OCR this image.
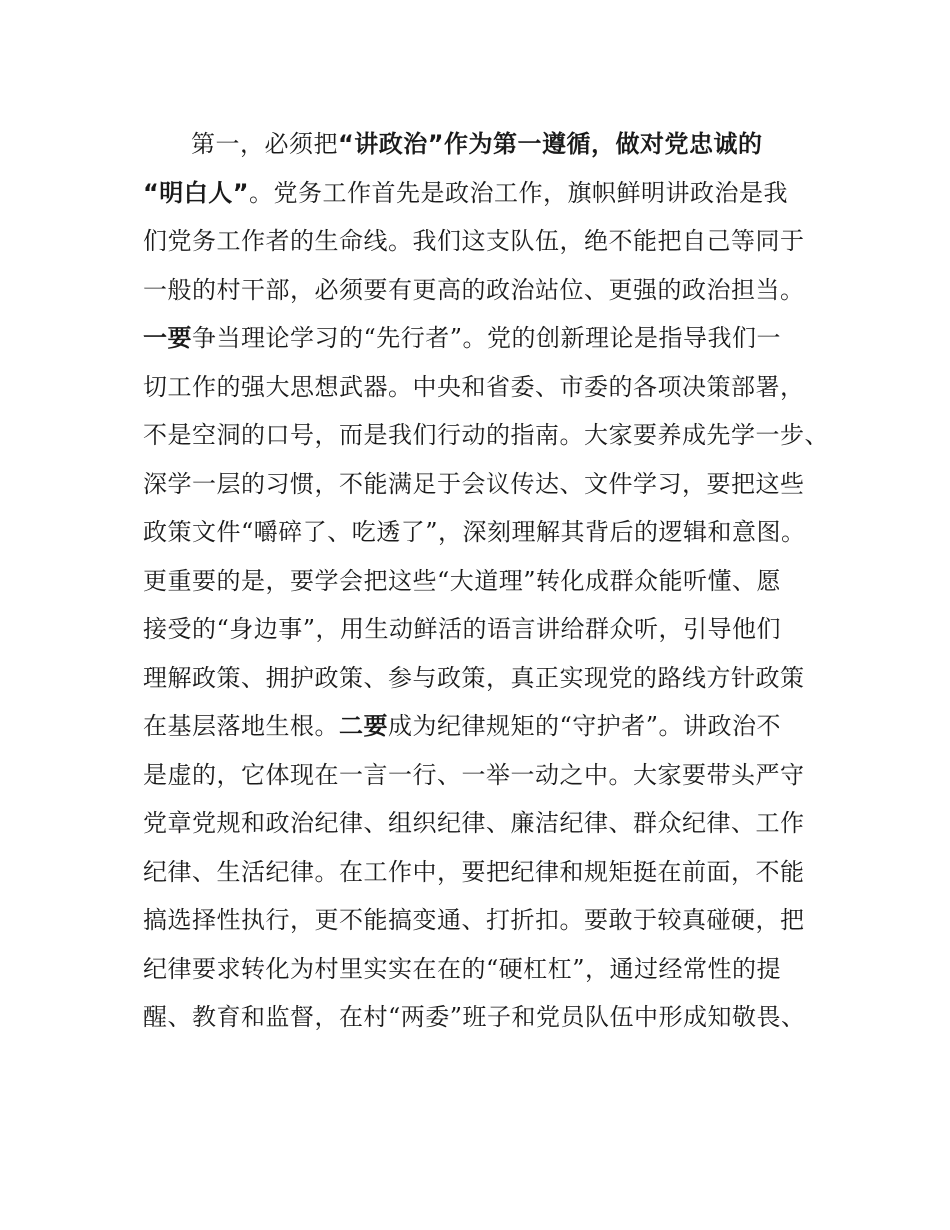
第一，必须把“讲政治”作为第一遵循，做对党忠诚的
“明白人”。党务工作首先是政治工作，旗帜鲜明讲政治是我
们党务工作者的生命线。我们这支队伍，绝不能把自己等同于
一般的村干部，必须要有更高的政治站位、更强的政治担当。
一要争当理论学习的“先行者”。党的创新理论是指导我们一
切工作的强大思想武器。中央和省委、市委的各项决策部署，
不是空洞的口号，而是我们行动的指南。大家要养成先学一步、
深学一层的习惯，不能满足于会议传达、文件学习，要把这些
政策文件“嚼碎了、吃透了”，深刻理解其背后的逻辑和意图。
更重要的是，要学会把这些“大道理”转化成群众能听懂、愿
接受的“身边事”，用生动鲜活的语言讲给群众听，引导他们
理解政策、拥护政策、参与政策，真正实现党的路线方针政策
在基层落地生根。二要成为纪律规矩的“守护者”。讲政治不
是虚的，它体现在一言一行、一举一动之中。大家要带头严守
党章党规和政治纪律、组织纪律、廉洁纪律、群众纪律、工作
纪律、生活纪律。在工作中，要把纪律和规矩挺在前面，不能
搞选择性执行，更不能搞变通、打折扣。要敢于较真碰硬，把
纪律要求转化为村里实实在在的“硬杠杠”，通过经常性的提
醒、教育和监督，在村“两委”班子和党员队伍中形成知敬畏、
